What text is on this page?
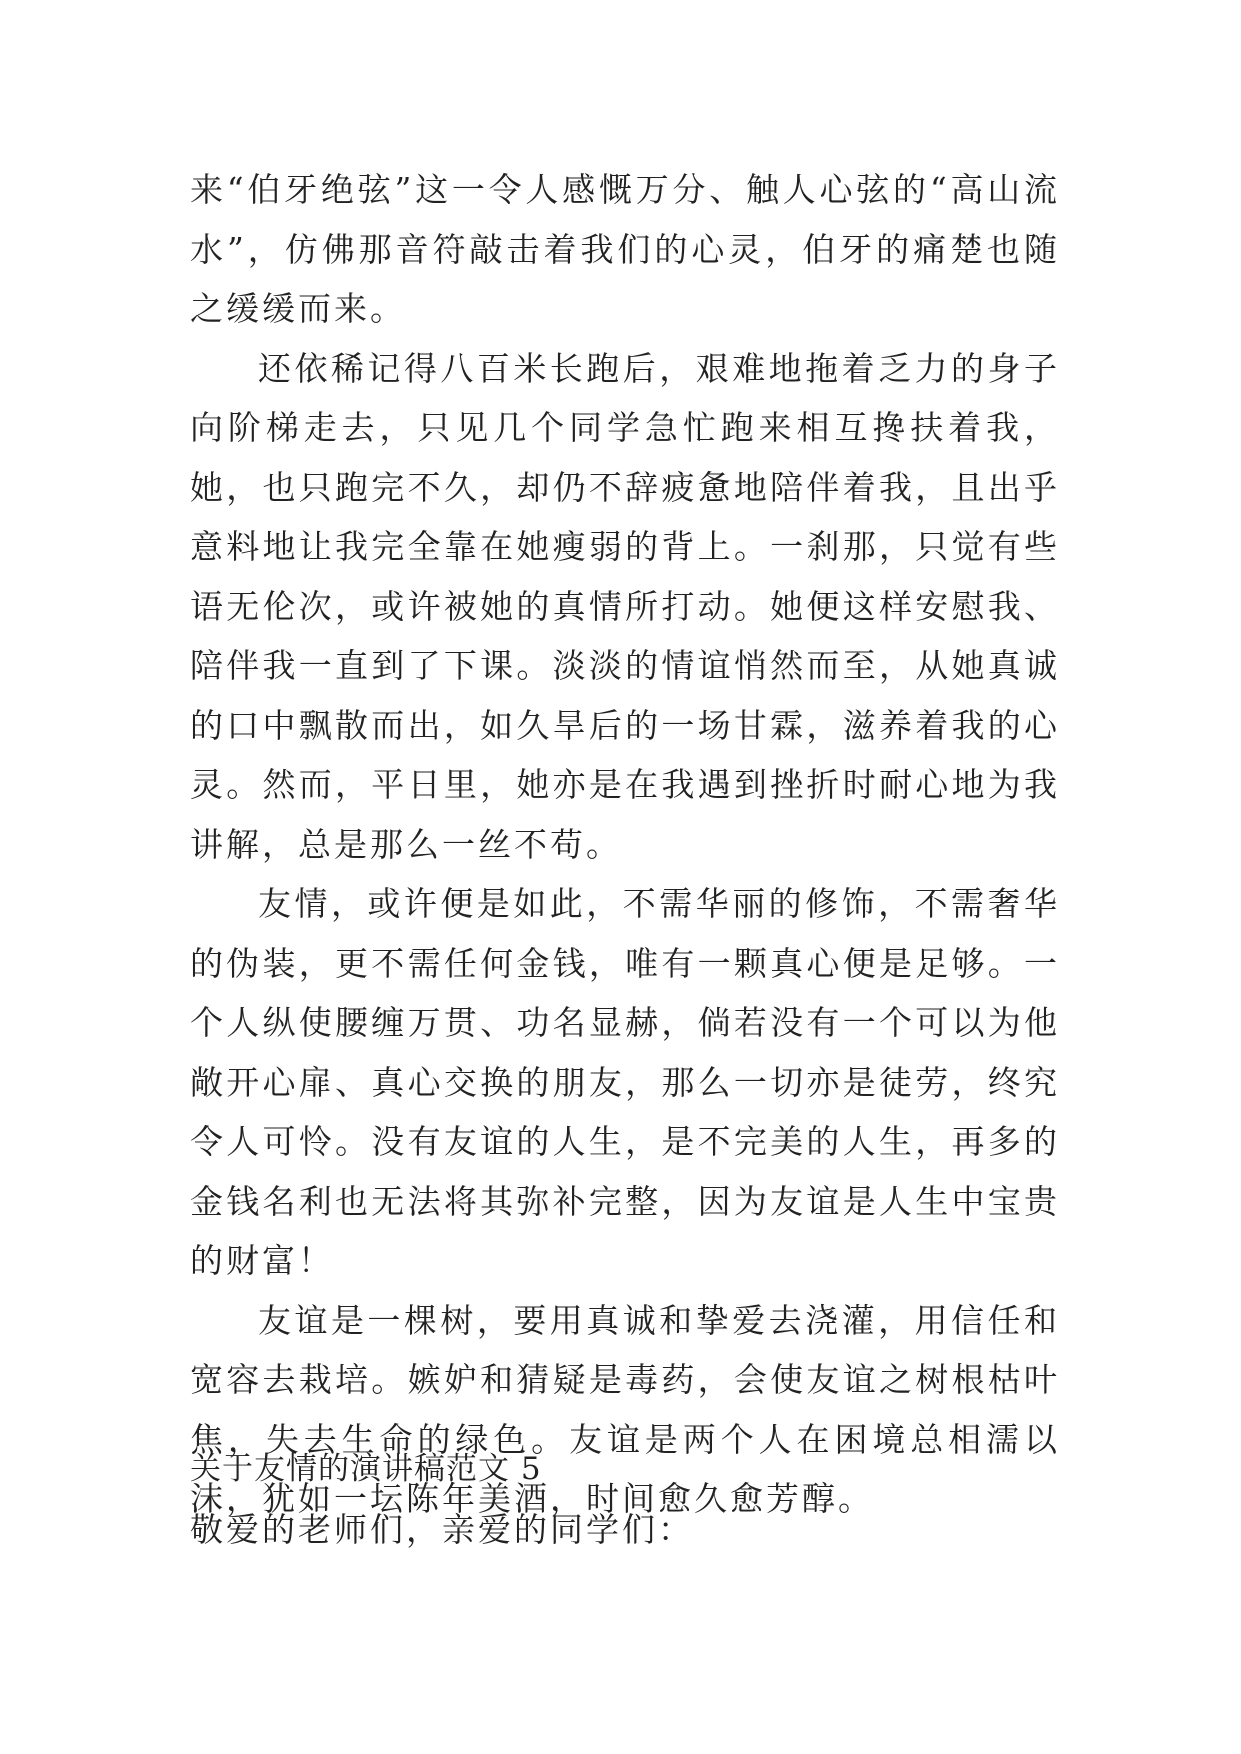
来“伯牙绝弦”这一令人感慨万分、触人心弦的“高山流水”，仿佛那音符敲击着我们的心灵，伯牙的痛楚也随之缓缓而来。

还依稀记得八百米长跑后，艰难地拖着乏力的身子向阶梯走去，只见几个同学急忙跑来相互搀扶着我，她，也只跑完不久，却仍不辞疲惫地陪伴着我，且出乎意料地让我完全靠在她瘦弱的背上。一刹那，只觉有些语无伦次，或许被她的真情所打动。她便这样安慰我、陪伴我一直到了下课。淡淡的情谊悄然而至，从她真诚的口中飘散而出，如久旱后的一场甘霖，滋养着我的心灵。然而，平日里，她亦是在我遇到挫折时耐心地为我讲解，总是那么一丝不苟。

友情，或许便是如此，不需华丽的修饰，不需奢华的伪装，更不需任何金钱，唯有一颗真心便是足够。一个人纵使腰缠万贯、功名显赫，倘若没有一个可以为他敞开心扉、真心交换的朋友，那么一切亦是徒劳，终究令人可怜。没有友谊的人生，是不完美的人生，再多的金钱名利也无法将其弥补完整，因为友谊是人生中宝贵的财富！

友谊是一棵树，要用真诚和挚爱去浇灌，用信任和宽容去栽培。嫉妒和猜疑是毒药，会使友谊之树根枯叶焦，失去生命的绿色。友谊是两个人在困境总相濡以沫，犹如一坛陈年美酒，时间愈久愈芳醇。

关于友情的演讲稿范文 5

敬爱的老师们，亲爱的同学们：
